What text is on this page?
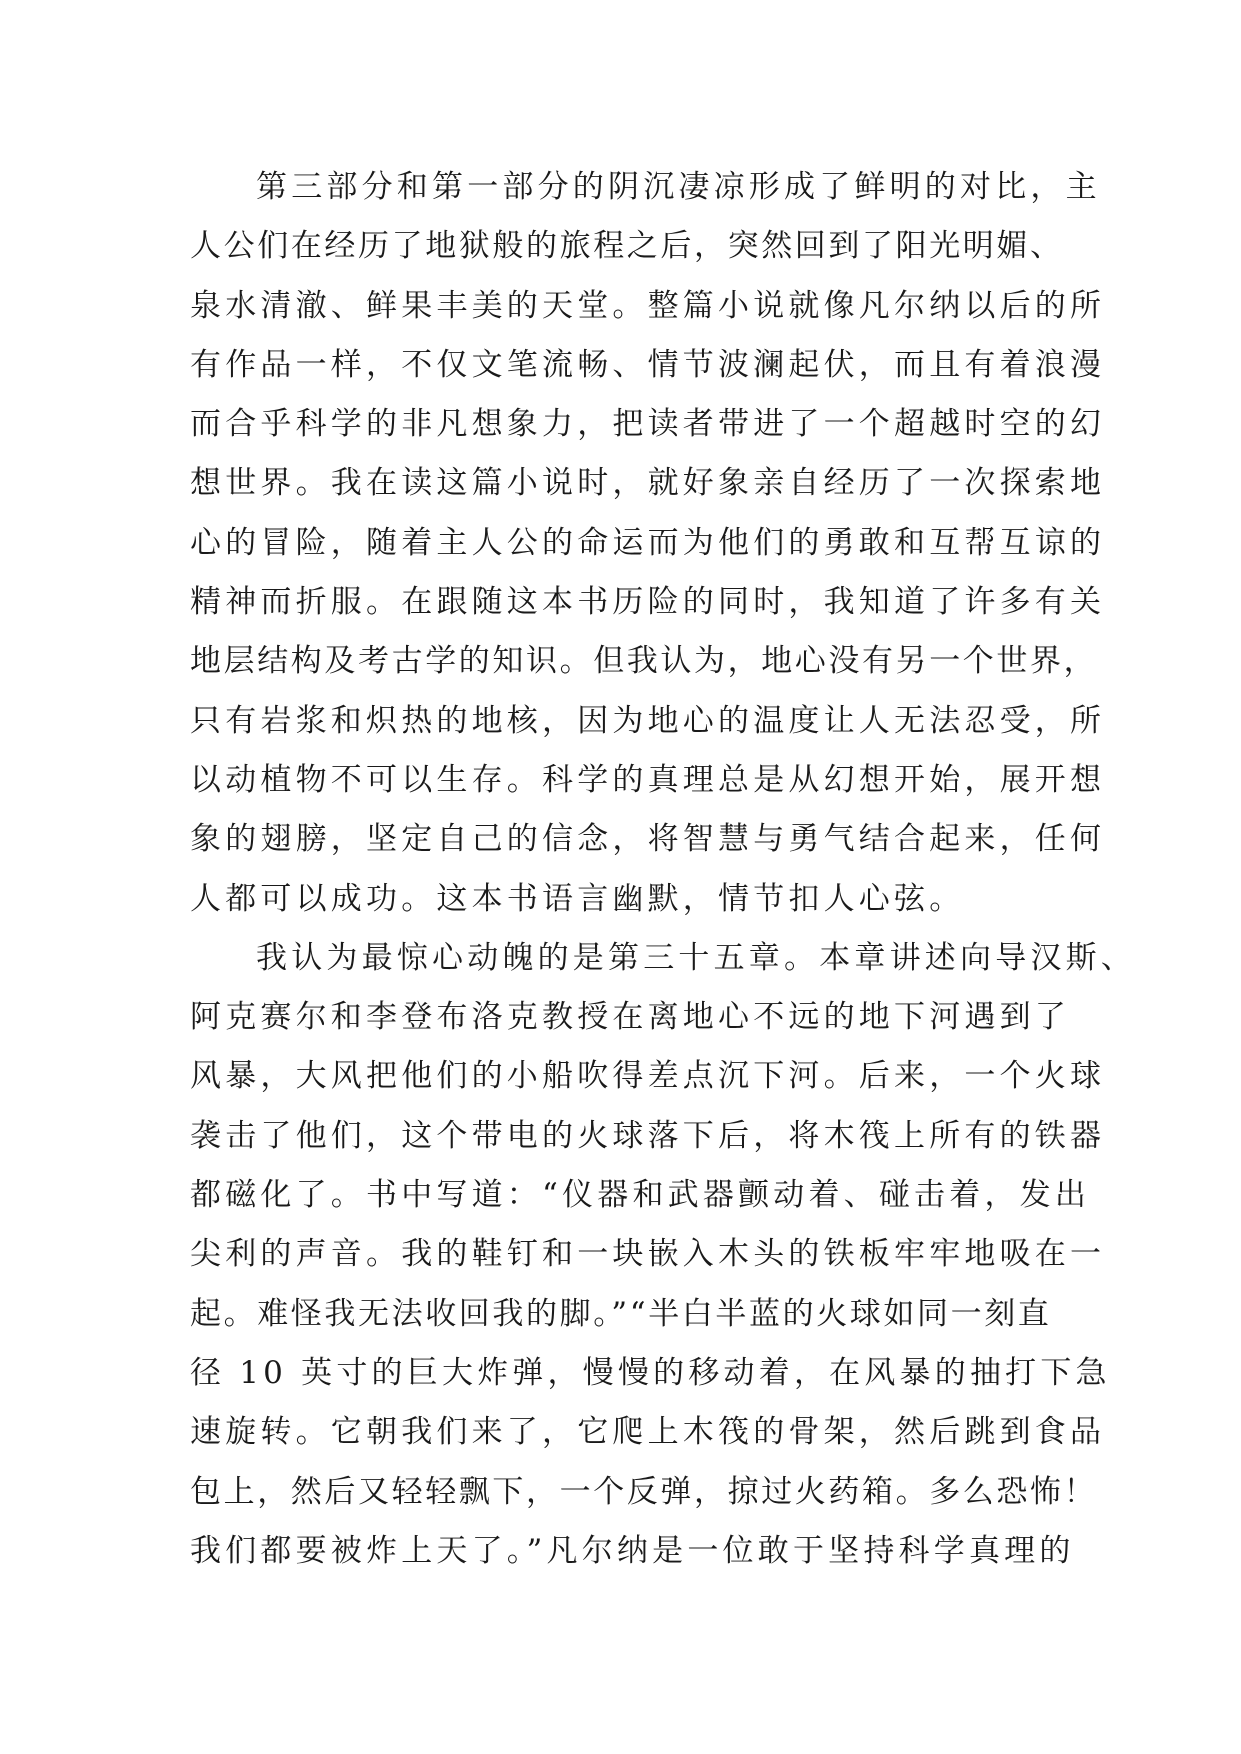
第三部分和第一部分的阴沉凄凉形成了鲜明的对比，主
人公们在经历了地狱般的旅程之后，突然回到了阳光明媚、
泉水清澈、鲜果丰美的天堂。整篇小说就像凡尔纳以后的所
有作品一样，不仅文笔流畅、情节波澜起伏，而且有着浪漫
而合乎科学的非凡想象力，把读者带进了一个超越时空的幻
想世界。我在读这篇小说时，就好象亲自经历了一次探索地
心的冒险，随着主人公的命运而为他们的勇敢和互帮互谅的
精神而折服。在跟随这本书历险的同时，我知道了许多有关
地层结构及考古学的知识。但我认为，地心没有另一个世界，
只有岩浆和炽热的地核，因为地心的温度让人无法忍受，所
以动植物不可以生存。科学的真理总是从幻想开始，展开想
象的翅膀，坚定自己的信念，将智慧与勇气结合起来，任何
人都可以成功。这本书语言幽默，情节扣人心弦。
我认为最惊心动魄的是第三十五章。本章讲述向导汉斯、
阿克赛尔和李登布洛克教授在离地心不远的地下河遇到了
风暴，大风把他们的小船吹得差点沉下河。后来，一个火球
袭击了他们，这个带电的火球落下后，将木筏上所有的铁器
都磁化了。书中写道：“仪器和武器颤动着、碰击着，发出
尖利的声音。我的鞋钉和一块嵌入木头的铁板牢牢地吸在一
起。难怪我无法收回我的脚。”“半白半蓝的火球如同一刻直
径 10 英寸的巨大炸弹，慢慢的移动着，在风暴的抽打下急
速旋转。它朝我们来了，它爬上木筏的骨架，然后跳到食品
包上，然后又轻轻飘下，一个反弹，掠过火药箱。多么恐怖！
我们都要被炸上天了。”凡尔纳是一位敢于坚持科学真理的
